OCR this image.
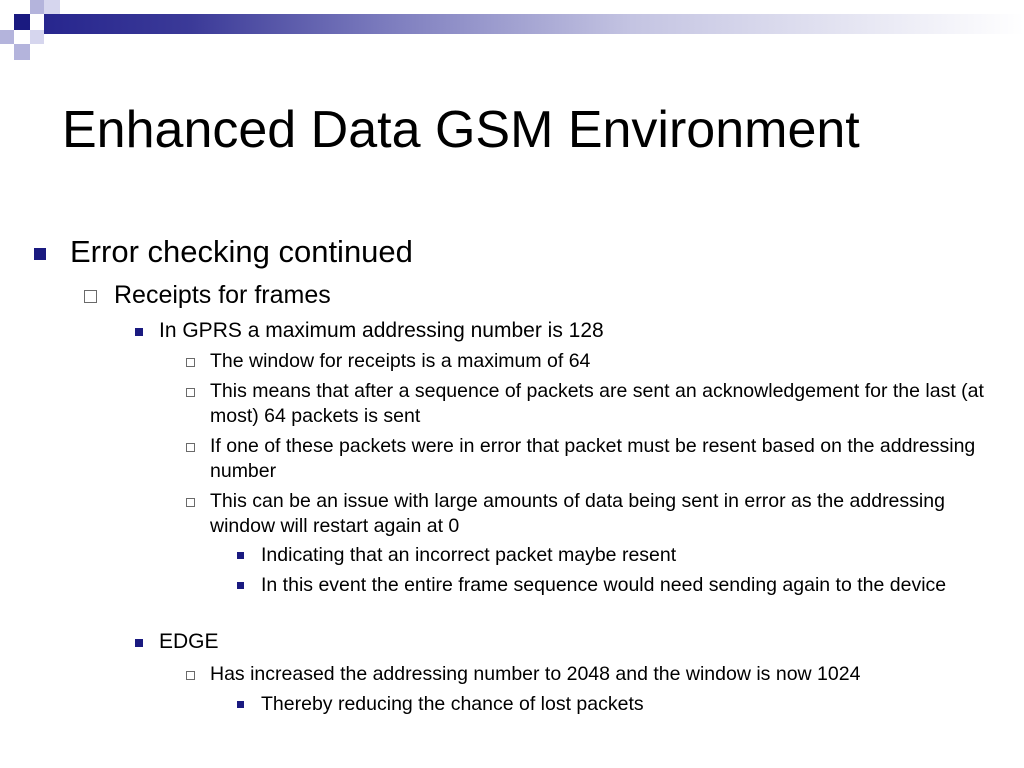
Enhanced Data GSM Environment
Error checking continued
Receipts for frames
In GPRS a maximum addressing number is 128
The window for receipts is a maximum of 64
This means that after a sequence of packets are sent an acknowledgement for the last (at most) 64 packets is sent
If one of these packets were in error that packet must be resent based on the addressing number
This can be an issue with large amounts of data being sent in error as the addressing window will restart again at 0
Indicating that an incorrect packet maybe resent
In this event the entire frame sequence would need sending again to the device
EDGE
Has increased the addressing number to 2048 and the window is now 1024
Thereby reducing the chance of lost packets
